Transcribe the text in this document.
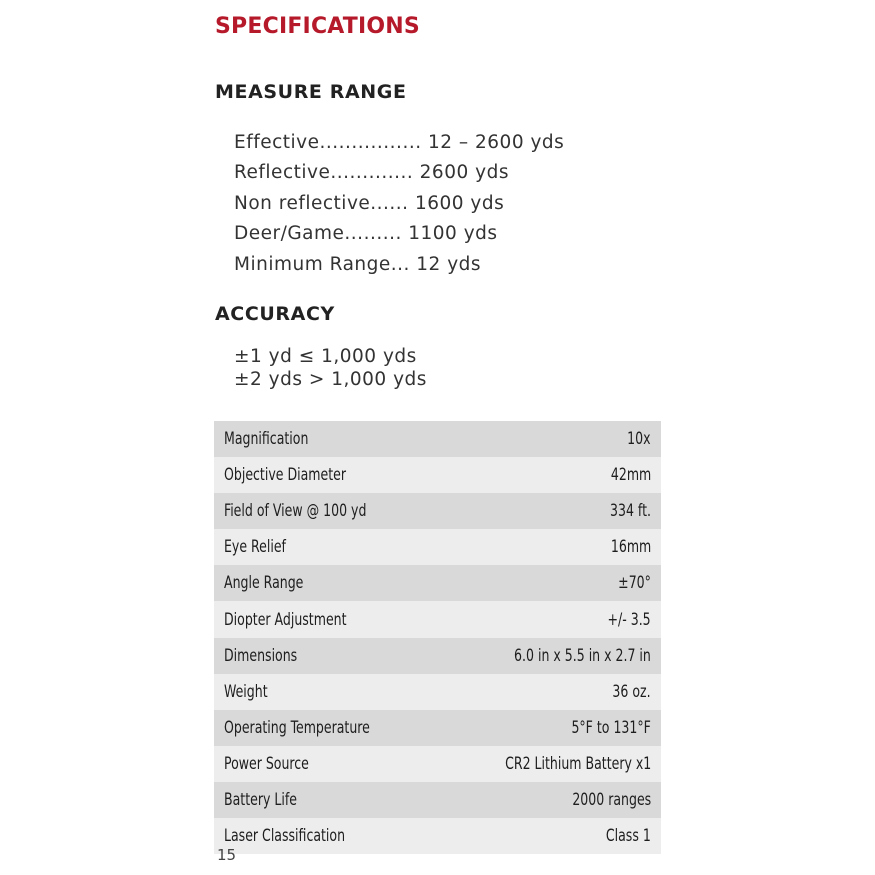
SPECIFICATIONS
MEASURE RANGE
Effective................ 12 – 2600 yds
Reflective............. 2600 yds
Non reflective...... 1600 yds
Deer/Game......... 1100 yds
Minimum Range... 12 yds
ACCURACY
±1 yd ≤ 1,000 yds
±2 yds > 1,000 yds
Magnification	10x
Objective Diameter	42mm
Field of View @ 100 yd	334 ft.
Eye Relief	16mm
Angle Range	±70°
Diopter Adjustment	+/- 3.5
Dimensions	6.0 in x 5.5 in x 2.7 in
Weight	36 oz.
Operating Temperature	5°F to 131°F
Power Source	CR2 Lithium Battery x1
Battery Life	2000 ranges
Laser Classification	Class 1
15
